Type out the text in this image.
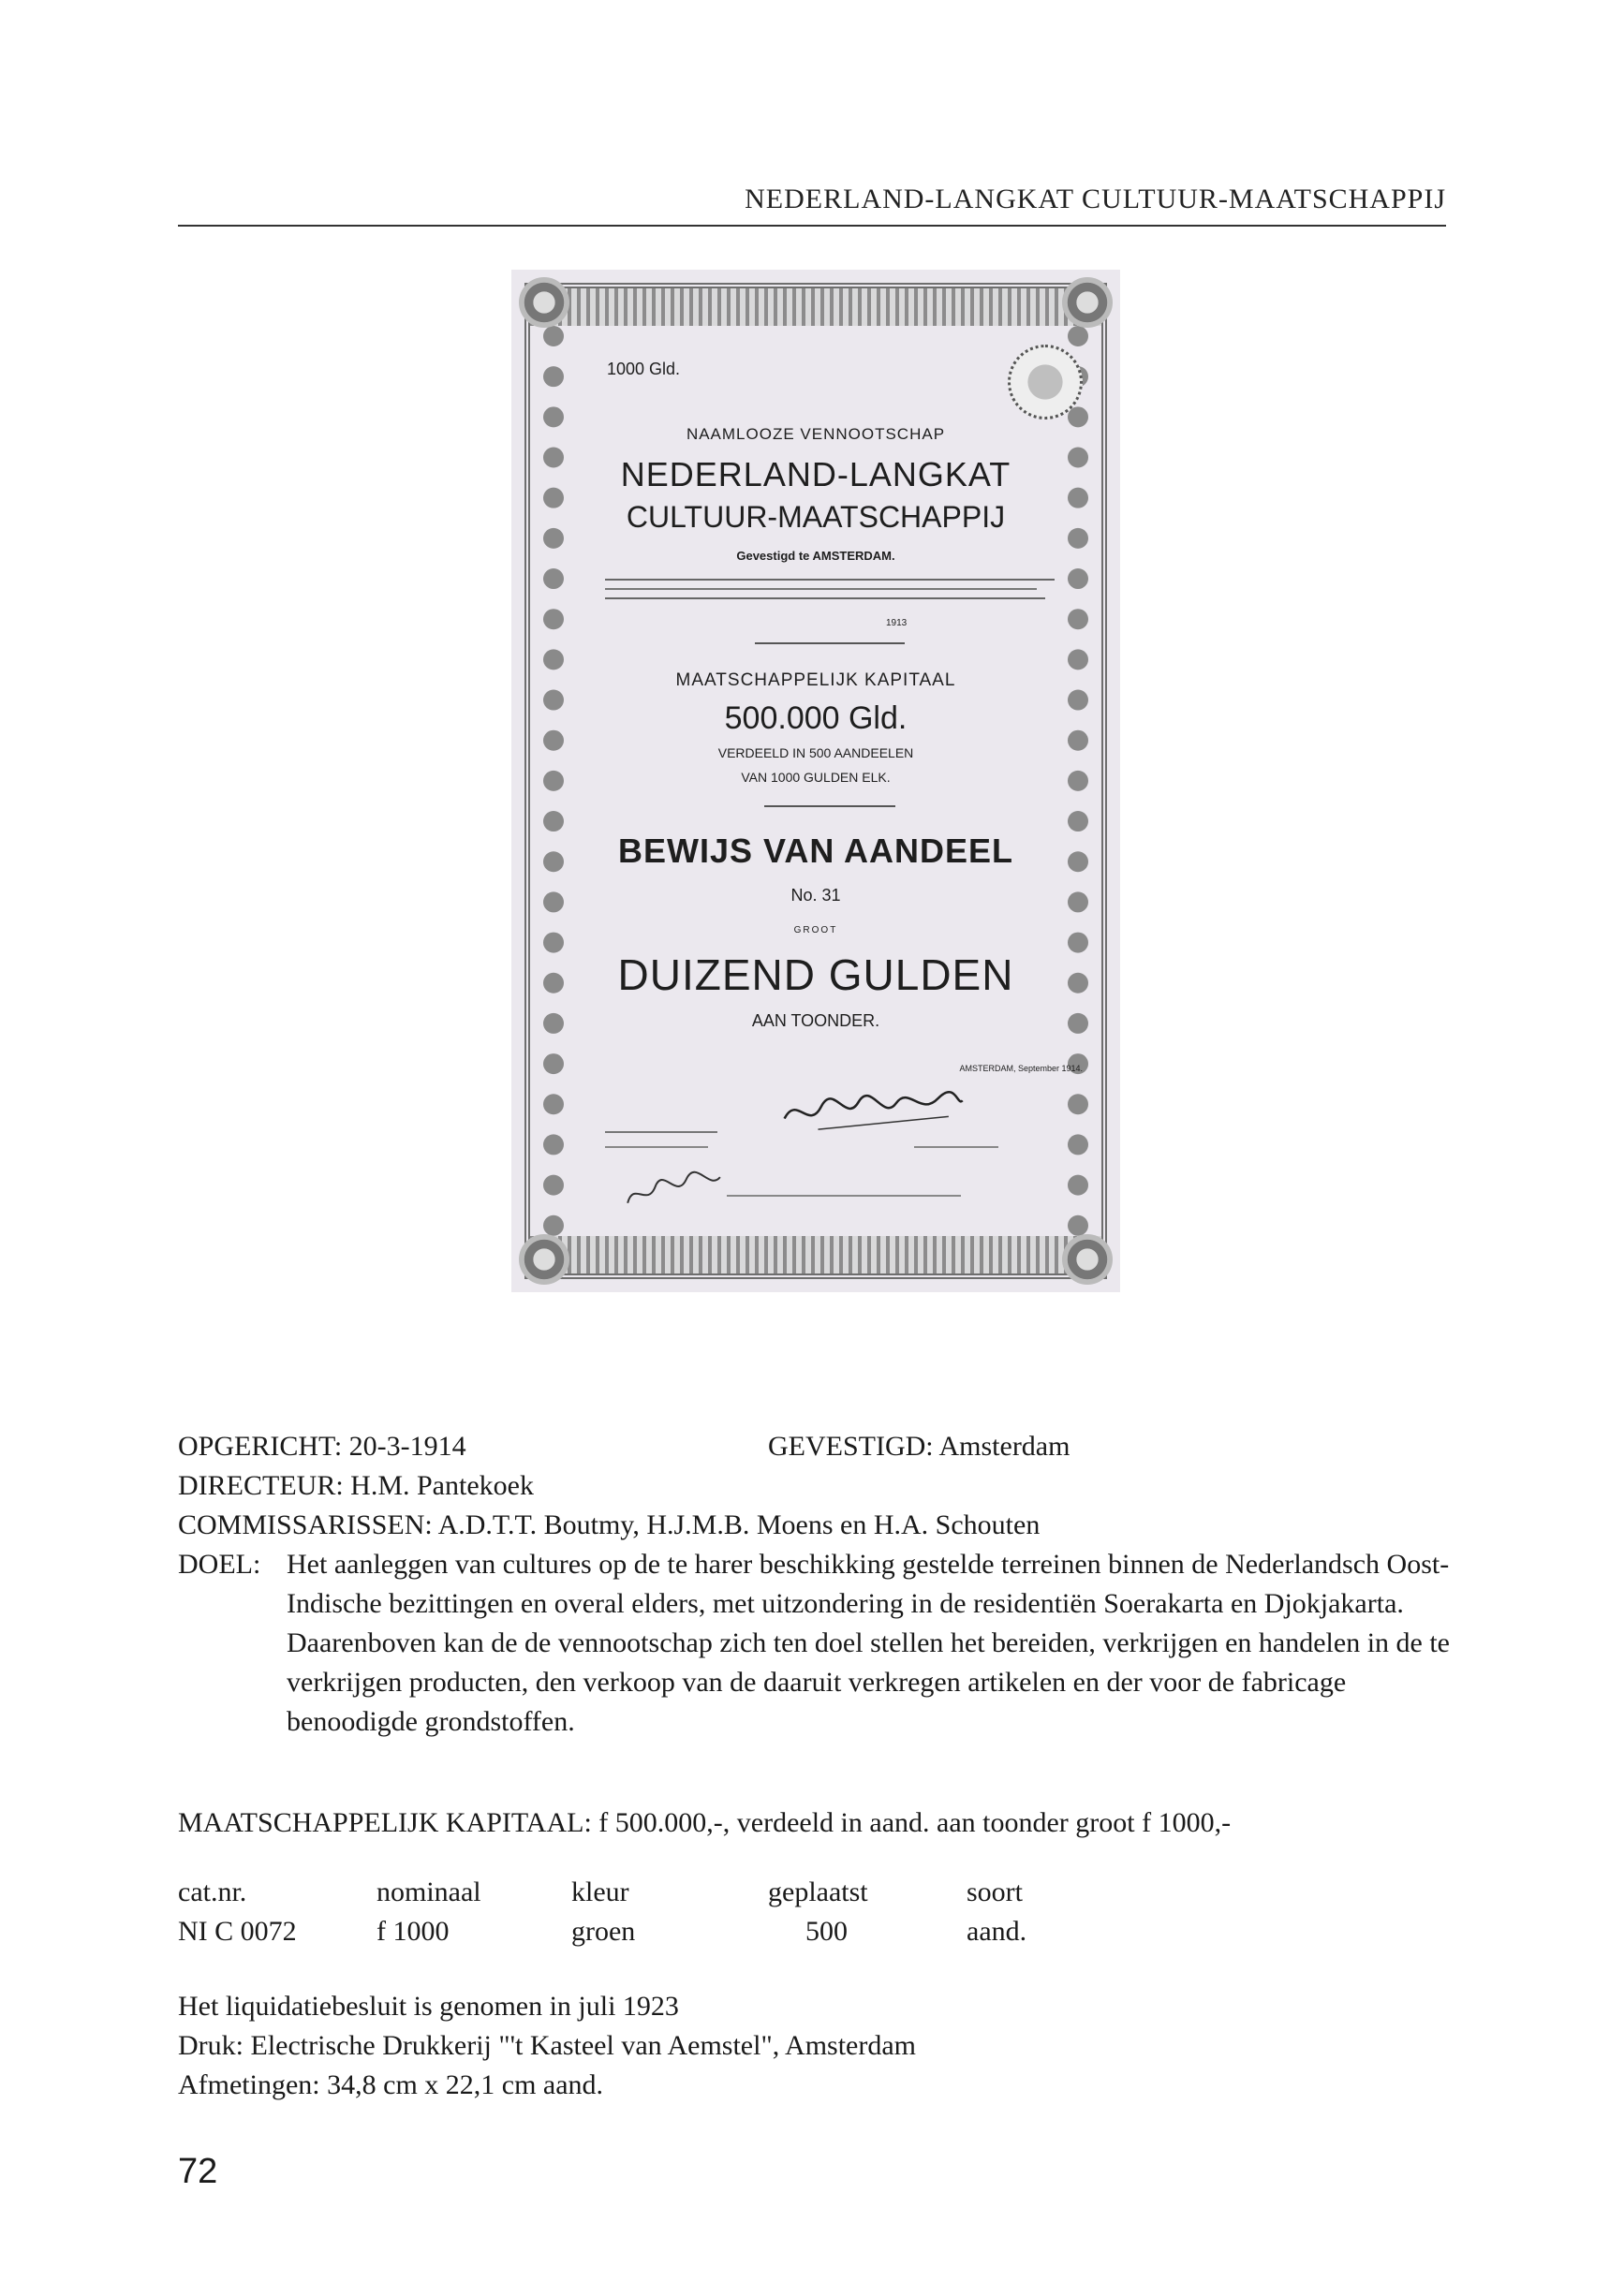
NEDERLAND-LANGKAT CULTUUR-MAATSCHAPPIJ
1000 Gld.
NAAMLOOZE VENNOOTSCHAP
NEDERLAND-LANGKAT
CULTUUR-MAATSCHAPPIJ
Gevestigd te AMSTERDAM.
1913
MAATSCHAPPELIJK KAPITAAL
500.000 Gld.
VERDEELD IN 500 AANDEELEN
VAN 1000 GULDEN ELK.
BEWIJS VAN AANDEEL
No. 31
GROOT
DUIZEND GULDEN
AAN TOONDER.
AMSTERDAM, September 1914.
OPGERICHT: 20-3-1914	GEVESTIGD: Amsterdam
DIRECTEUR: H.M. Pantekoek
COMMISSARISSEN: A.D.T.T. Boutmy, H.J.M.B. Moens en H.A. Schouten
DOEL: Het aanleggen van cultures op de te harer beschikking gestelde terreinen binnen de Nederlandsch Oost-Indische bezittingen en overal elders, met uitzondering in de residentiën Soerakarta en Djokjakarta. Daarenboven kan de de vennootschap zich ten doel stellen het bereiden, verkrijgen en handelen in de te verkrijgen producten, den verkoop van de daaruit verkregen artikelen en der voor de fabricage benoodigde grondstoffen.
MAATSCHAPPELIJK KAPITAAL: f 500.000,-, verdeeld in aand. aan toonder groot f 1000,-
cat.nr.	nominaal	kleur	geplaatst	soort
NI C 0072	f 1000	groen	500	aand.
Het liquidatiebesluit is genomen in juli 1923
Druk: Electrische Drukkerij "'t Kasteel van Aemstel", Amsterdam
Afmetingen: 34,8 cm x 22,1 cm aand.
72
